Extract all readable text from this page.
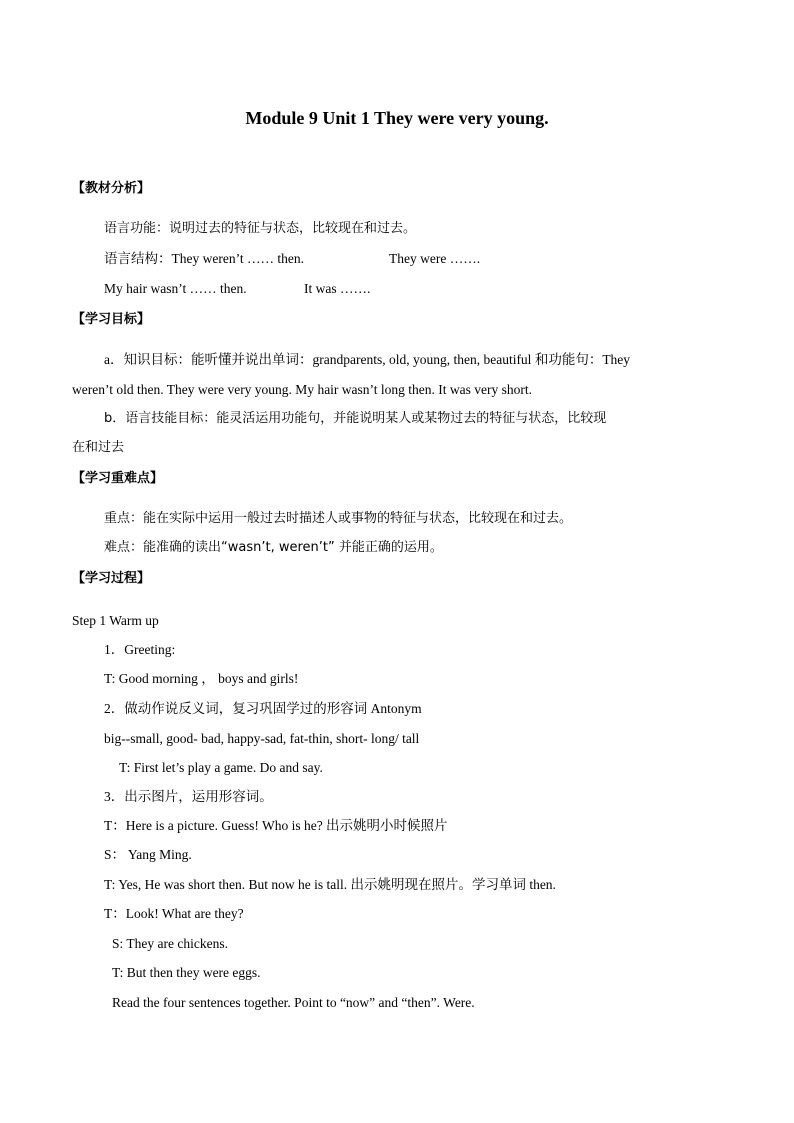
Module 9 Unit 1 They were very young.
【教材分析】
语言功能：说明过去的特征与状态，比较现在和过去。
语言结构：They weren’t …… then.	They were …….
My hair wasn’t …… then.	It was …….
【学习目标】
a．知识目标：能听懂并说出单词：grandparents, old, young, then, beautiful 和功能句：They
weren’t old then. They were very young. My hair wasn’t long then. It was very short.
b．语言技能目标：能灵活运用功能句，并能说明某人或某物过去的特征与状态，比较现
在和过去
【学习重难点】
重点：能在实际中运用一般过去时描述人或事物的特征与状态，比较现在和过去。
难点：能准确的读出“wasn’t, weren’t” 并能正确的运用。
【学习过程】
Step 1 Warm up
1．Greeting:
T: Good morning ， boys and girls!
2．做动作说反义词，复习巩固学过的形容词 Antonym
big-‑small, good- bad, happy-sad, fat-thin, short- long/ tall
T: First let’s play a game. Do and say.
3．出示图片，运用形容词。
T：Here is a picture. Guess! Who is he? 出示姚明小时候照片
S： Yang Ming.
T: Yes, He was short then. But now he is tall. 出示姚明现在照片。学习单词 then.
T：Look! What are they?
S: They are chickens.
T: But then they were eggs.
Read the four sentences together. Point to “now” and “then”. Were.
